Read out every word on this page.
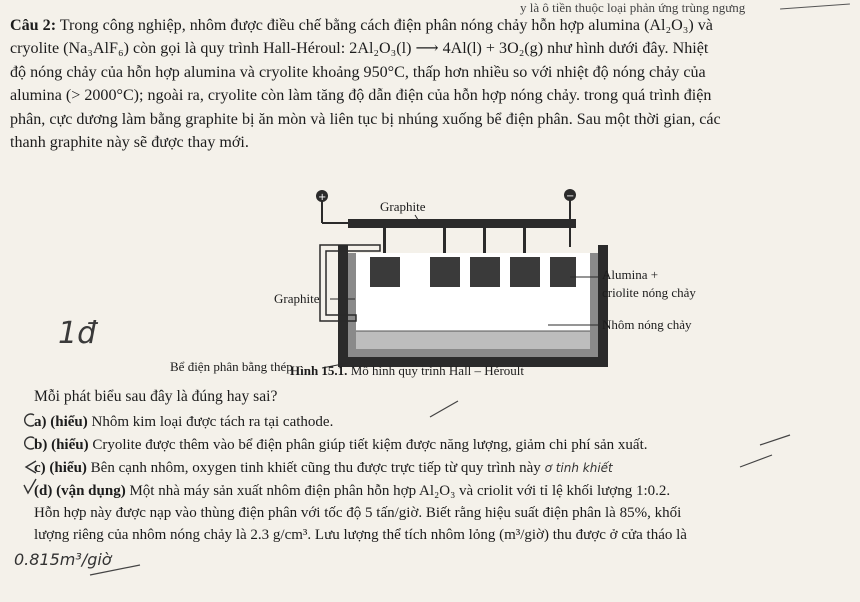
y là ô tiền thuộc loại phản ứng trùng ngưng
Câu 2: Trong công nghiệp, nhôm được điều chế bằng cách điện phân nóng chảy hỗn hợp alumina (Al₂O₃) và
cryolite (Na₃AlF₆) còn gọi là quy trình Hall-Héroul: 2Al₂O₃(l) ⟶ 4Al(l) + 3O₂(g) như hình dưới đây. Nhiệt
độ nóng chảy của hỗn hợp alumina và cryolite khoảng 950°C, thấp hơn nhiều so với nhiệt độ nóng chảy của
alumina (> 2000°C); ngoài ra, cryolite còn làm tăng độ dẫn điện của hỗn hợp nóng chảy. trong quá trình điện
phân, cực dương làm bằng graphite bị ăn mòn và liên tục bị nhúng xuống bể điện phân. Sau một thời gian, các
thanh graphite này sẽ được thay mới.
+	−
Graphite
Graphite
Alumina +
criolite nóng chảy
Nhôm nóng chảy
Bể điện phân bằng thép
Hình 15.1. Mô hình quy trình Hall – Héroult
1đ
Mỗi phát biểu sau đây là đúng hay sai?
a) (hiểu) Nhôm kim loại được tách ra tại cathode.
b) (hiểu) Cryolite được thêm vào bể điện phân giúp tiết kiệm được năng lượng, giảm chi phí sản xuất.
c) (hiểu) Bên cạnh nhôm, oxygen tinh khiết cũng thu được trực tiếp từ quy trình này ơ tinh khiết
(d) (vận dụng) Một nhà máy sản xuất nhôm điện phân hỗn hợp Al₂O₃ và criolit với tỉ lệ khối lượng 1:0.2.
Hỗn hợp này được nạp vào thùng điện phân với tốc độ 5 tấn/giờ. Biết rằng hiệu suất điện phân là 85%, khối
lượng riêng của nhôm nóng chảy là 2.3 g/cm³. Lưu lượng thể tích nhôm lỏng (m³/giờ) thu được ở cửa tháo là
0.815m³/giờ
